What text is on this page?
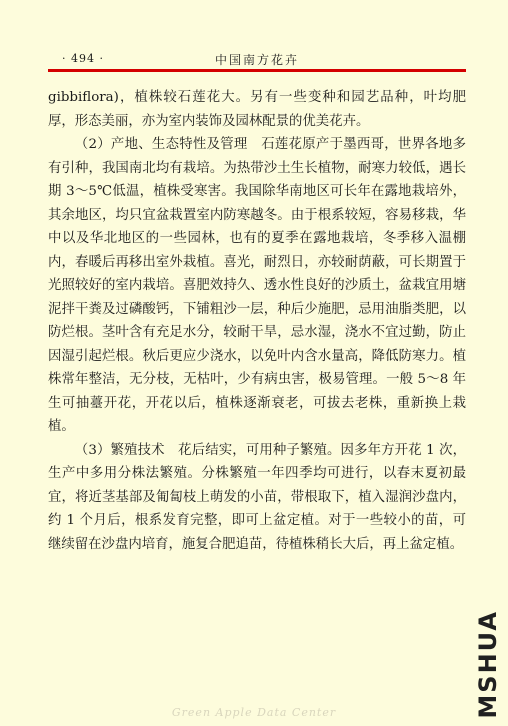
· 494 ·	中国南方花卉

gibbiflora)，植株较石莲花大。另有一些变种和园艺品种，叶均肥厚，形态美丽，亦为室内装饰及园林配景的优美花卉。

（2）产地、生态特性及管理　石莲花原产于墨西哥，世界各地多有引种，我国南北均有栽培。为热带沙土生长植物，耐寒力较低，遇长期 3～5℃低温，植株受寒害。我国除华南地区可长年在露地栽培外，其余地区，均只宜盆栽置室内防寒越冬。由于根系较短，容易移栽，华中以及华北地区的一些园林，也有的夏季在露地栽培，冬季移入温棚内，春暖后再移出室外栽植。喜光，耐烈日，亦较耐荫蔽，可长期置于光照较好的室内栽培。喜肥效持久、透水性良好的沙质土，盆栽宜用塘泥拌干粪及过磷酸钙，下铺粗沙一层，种后少施肥，忌用油脂类肥，以防烂根。茎叶含有充足水分，较耐干旱，忌水湿，浇水不宜过勤，防止因湿引起烂根。秋后更应少浇水，以免叶内含水量高，降低防寒力。植株常年整洁，无分枝，无枯叶，少有病虫害，极易管理。一般 5～8 年生可抽薹开花，开花以后，植株逐渐衰老，可拔去老株，重新换上栽植。

（3）繁殖技术　花后结实，可用种子繁殖。因多年方开花 1 次，生产中多用分株法繁殖。分株繁殖一年四季均可进行，以春末夏初最宜，将近茎基部及匍匐枝上萌发的小苗，带根取下，植入湿润沙盘内，约 1 个月后，根系发育完整，即可上盆定植。对于一些较小的苗，可继续留在沙盘内培育，施复合肥追苗，待植株稍长大后，再上盆定植。

MSHUA
Green Apple Data Center
